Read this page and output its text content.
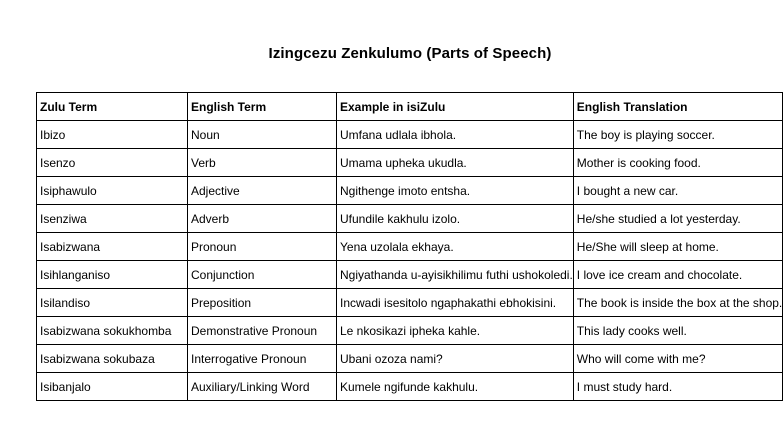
Izingcezu Zenkulumo (Parts of Speech)
Zulu Term	English Term	Example in isiZulu	English Translation
Ibizo	Noun	Umfana udlala ibhola.	The boy is playing soccer.
Isenzo	Verb	Umama upheka ukudla.	Mother is cooking food.
Isiphawulo	Adjective	Ngithenge imoto entsha.	I bought a new car.
Isenziwa	Adverb	Ufundile kakhulu izolo.	He/she studied a lot yesterday.
Isabizwana	Pronoun	Yena uzolala ekhaya.	He/She will sleep at home.
Isihlanganiso	Conjunction	Ngiyathanda u-ayisikhilimu futhi ushokoledi.	I love ice cream and chocolate.
Isilandiso	Preposition	Incwadi isesitolo ngaphakathi ebhokisini.	The book is inside the box at the shop.
Isabizwana sokukhomba	Demonstrative Pronoun	Le nkosikazi ipheka kahle.	This lady cooks well.
Isabizwana sokubaza	Interrogative Pronoun	Ubani ozoza nami?	Who will come with me?
Isibanjalo	Auxiliary/Linking Word	Kumele ngifunde kakhulu.	I must study hard.
